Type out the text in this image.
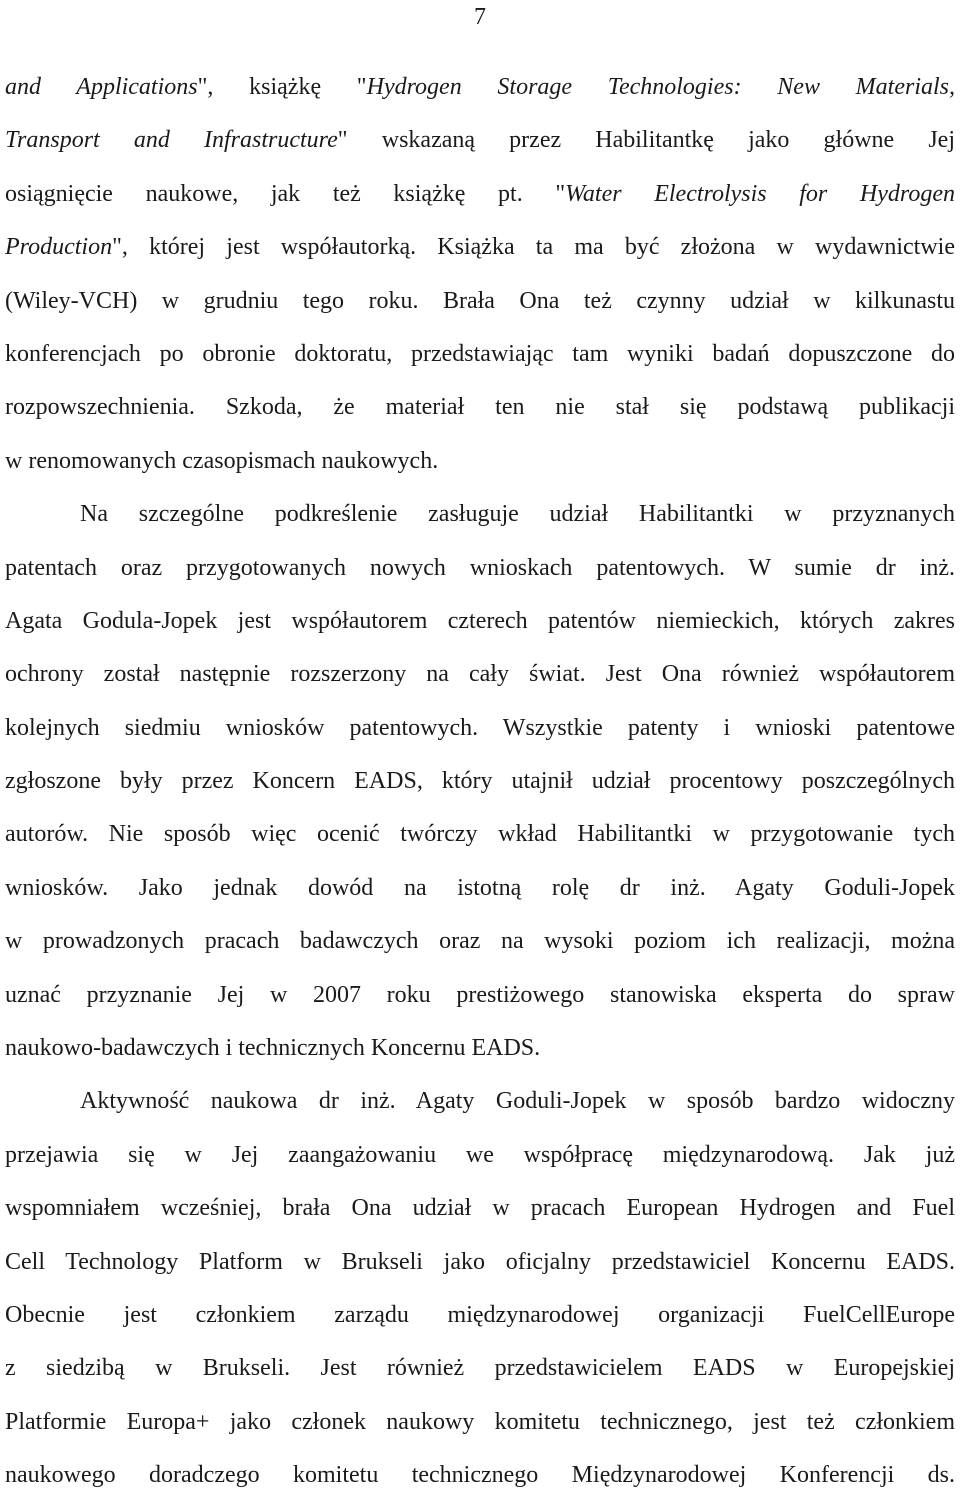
7
and Applications", książkę "Hydrogen Storage Technologies: New Materials,
Transport and Infrastructure" wskazaną przez Habilitantkę jako główne Jej
osiągnięcie naukowe, jak też książkę pt. "Water Electrolysis for Hydrogen
Production", której jest współautorką. Książka ta ma być złożona w wydawnictwie
(Wiley-VCH) w grudniu tego roku. Brała Ona też czynny udział w kilkunastu
konferencjach po obronie doktoratu, przedstawiając tam wyniki badań dopuszczone do
rozpowszechnienia. Szkoda, że materiał ten nie stał się podstawą publikacji
w renomowanych czasopismach naukowych.
Na szczególne podkreślenie zasługuje udział Habilitantki w przyznanych
patentach oraz przygotowanych nowych wnioskach patentowych. W sumie dr inż.
Agata Godula-Jopek jest współautorem czterech patentów niemieckich, których zakres
ochrony został następnie rozszerzony na cały świat. Jest Ona również współautorem
kolejnych siedmiu wniosków patentowych. Wszystkie patenty i wnioski patentowe
zgłoszone były przez Koncern EADS, który utajnił udział procentowy poszczególnych
autorów. Nie sposób więc ocenić twórczy wkład Habilitantki w przygotowanie tych
wniosków. Jako jednak dowód na istotną rolę dr inż. Agaty Goduli-Jopek
w prowadzonych pracach badawczych oraz na wysoki poziom ich realizacji, można
uznać przyznanie Jej w 2007 roku prestiżowego stanowiska eksperta do spraw
naukowo-badawczych i technicznych Koncernu EADS.
Aktywność naukowa dr inż. Agaty Goduli-Jopek w sposób bardzo widoczny
przejawia się w Jej zaangażowaniu we współpracę międzynarodową. Jak już
wspomniałem wcześniej, brała Ona udział w pracach European Hydrogen and Fuel
Cell Technology Platform w Brukseli jako oficjalny przedstawiciel Koncernu EADS.
Obecnie jest członkiem zarządu międzynarodowej organizacji FuelCellEurope
z siedzibą w Brukseli. Jest również przedstawicielem EADS w Europejskiej
Platformie Europa+ jako członek naukowy komitetu technicznego, jest też członkiem
naukowego doradczego komitetu technicznego Międzynarodowej Konferencji ds.
